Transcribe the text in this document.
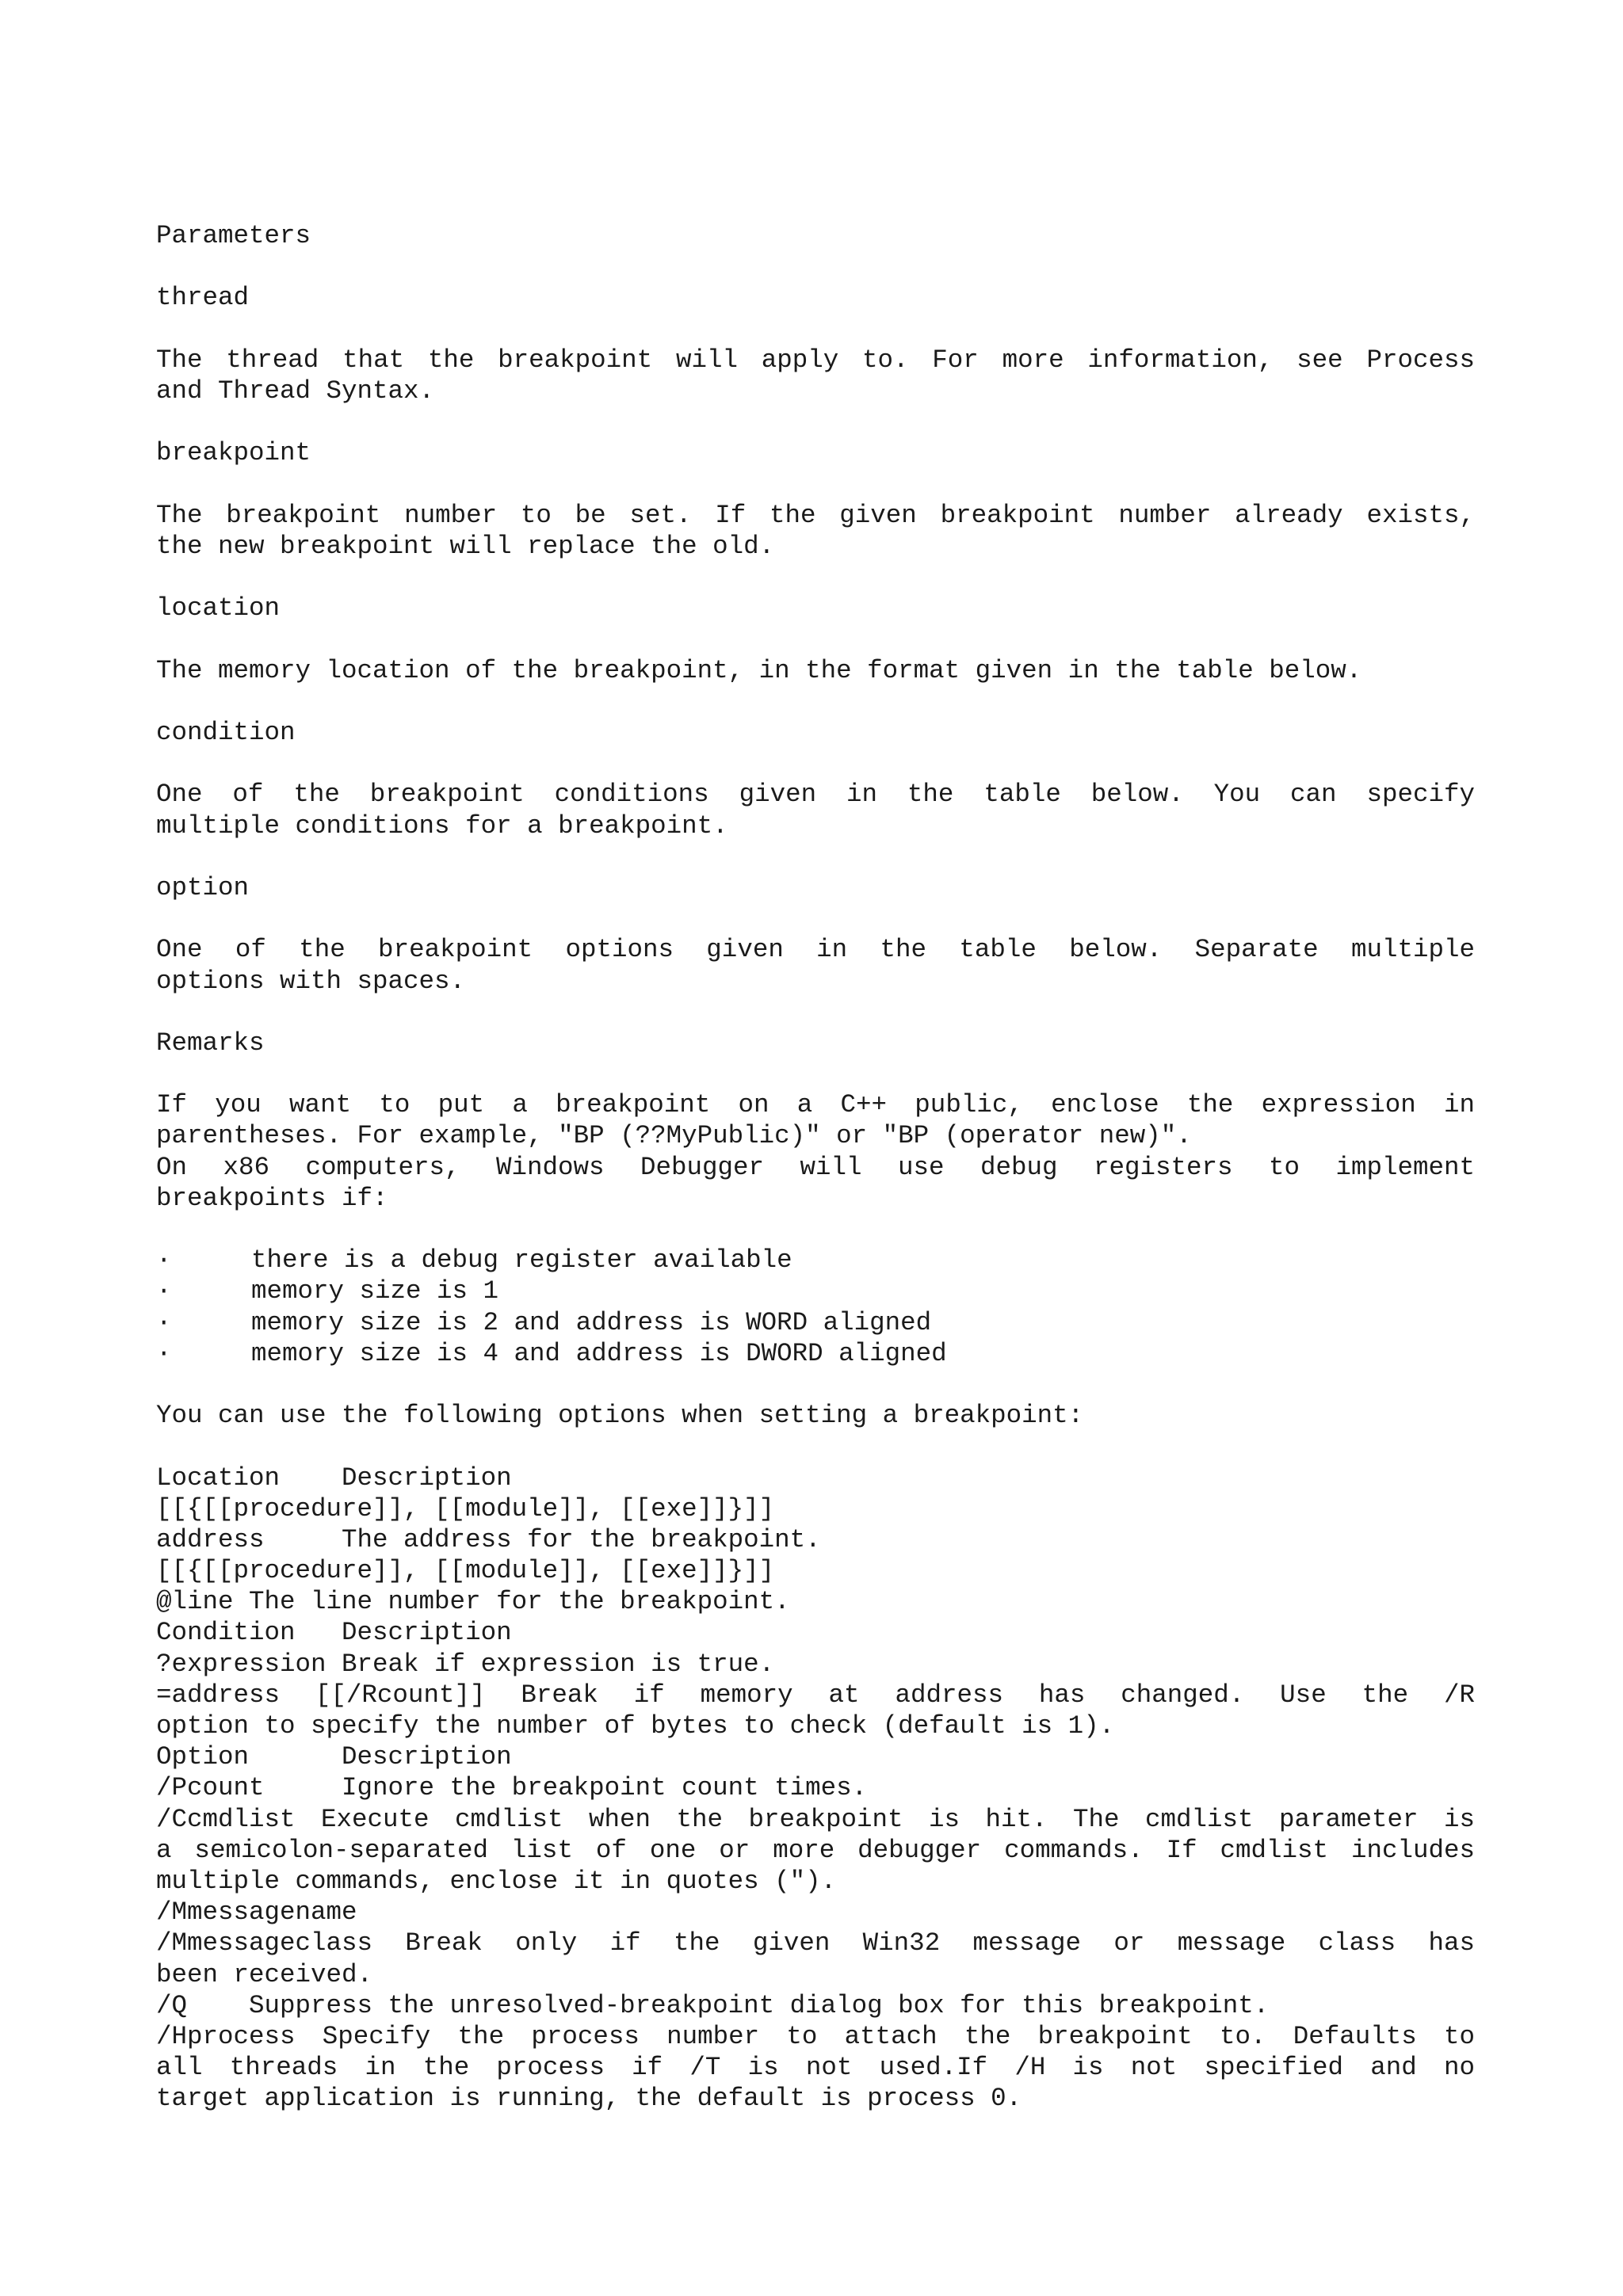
Parameters
thread
The thread that the breakpoint will apply to. For more information, see Process
and Thread Syntax.
breakpoint
The breakpoint number to be set. If the given breakpoint number already exists,
the new breakpoint will replace the old.
location
The memory location of the breakpoint, in the format given in the table below.
condition
One of the breakpoint conditions given in the table below. You can specify
multiple conditions for a breakpoint.
option
One of the breakpoint options given in the table below. Separate multiple
options with spaces.
Remarks
If you want to put a breakpoint on a C++ public, enclose the expression in
parentheses. For example, "BP (??MyPublic)" or "BP (operator new)".
On x86 computers, Windows Debugger will use debug registers to implement
breakpoints if:
·	there is a debug register available
·	memory size is 1
·	memory size is 2 and address is WORD aligned
·	memory size is 4 and address is DWORD aligned
You can use the following options when setting a breakpoint:
Location    Description
[[{[[procedure]], [[module]], [[exe]]}]]
address     The address for the breakpoint.
[[{[[procedure]], [[module]], [[exe]]}]]
@line The line number for the breakpoint.
Condition   Description
?expression Break if expression is true.
=address [[/Rcount]] Break if memory at address has changed. Use the /R
option to specify the number of bytes to check (default is 1).
Option      Description
/Pcount     Ignore the breakpoint count times.
/Ccmdlist Execute cmdlist when the breakpoint is hit. The cmdlist parameter is
a semicolon-separated list of one or more debugger commands. If cmdlist includes
multiple commands, enclose it in quotes (").
/Mmessagename
/Mmessageclass Break only if the given Win32 message or message class has
been received.
/Q    Suppress the unresolved-breakpoint dialog box for this breakpoint.
/Hprocess Specify the process number to attach the breakpoint to. Defaults to
all threads in the process if /T is not used.If /H is not specified and no
target application is running, the default is process 0.
